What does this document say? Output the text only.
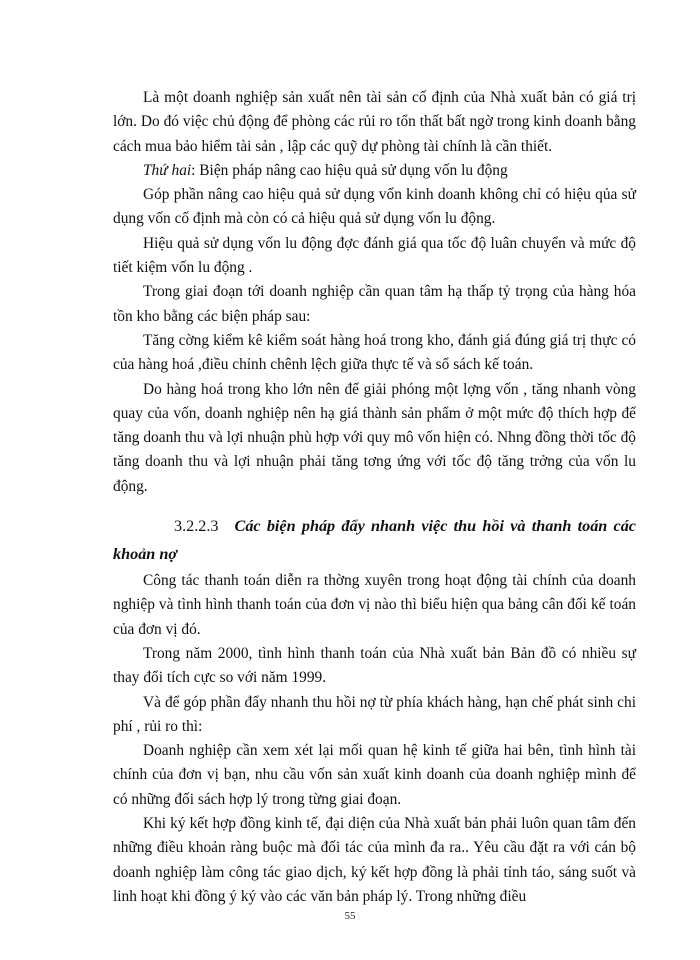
Là một doanh nghiệp sản xuất nên tài sản cố định của Nhà xuất bản có giá trị lớn. Do đó việc chủ động để phòng các rủi ro tổn thất bất ngờ trong kinh doanh bằng cách mua bảo hiểm tài sản , lập các quỹ dự phòng tài chính là cần thiết.

Thứ hai: Biện pháp nâng cao hiệu quả sử dụng vốn lu động

Góp phần nâng cao hiệu quả sử dụng vốn kinh doanh không chỉ có hiệu qủa sử dụng vốn cố định mà còn có cả hiệu quả sử dụng vốn lu động.

Hiệu quả sử dụng vốn lu động đợc đánh giá qua tốc độ luân chuyển và mức độ tiết kiệm vốn lu động .

Trong giai đoạn tới doanh nghiệp cần quan tâm hạ thấp tỷ trọng của hàng hóa tồn kho bằng các biện pháp sau:

Tăng cờng kiểm kê kiểm soát hàng hoá trong kho, đánh giá đúng giá trị thực có của hàng hoá ,điều chỉnh chênh lệch giữa thực tế và sổ sách kế toán.

Do hàng hoá trong kho lớn nên để giải phóng một lợng vốn , tăng nhanh vòng quay của vốn, doanh nghiệp nên hạ giá thành sản phẩm ở một mức độ thích hợp để tăng doanh thu và lợi nhuận phù hợp với quy mô vốn hiện có. Nhng đồng thời tốc độ tăng doanh thu và lợi nhuận phải tăng tơng ứng với tốc độ tăng trởng của vốn lu động.

3.2.2.3 Các biện pháp đẩy nhanh việc thu hồi và thanh toán các khoản nợ

Công tác thanh toán diễn ra thờng xuyên trong hoạt động tài chính của doanh nghiệp và tình hình thanh toán của đơn vị nào thì biểu hiện qua bảng cân đối kế toán của đơn vị đó.

Trong năm 2000, tình hình thanh toán của Nhà xuất bản Bản đồ có nhiều sự thay đổi tích cực so với năm 1999.

Và để góp phần đẩy nhanh thu hồi nợ từ phía khách hàng, hạn chế phát sinh chi phí , rủi ro thì:

Doanh nghiệp cần xem xét lại mối quan hệ kinh tế giữa hai bên, tình hình tài chính của đơn vị bạn, nhu cầu vốn sản xuất kinh doanh của doanh nghiệp mình để có những đối sách hợp lý trong từng giai đoạn.

Khi ký kết hợp đồng kinh tế, đại diện của Nhà xuất bản phải luôn quan tâm đến những điều khoản ràng buộc mà đối tác của mình đa ra.. Yêu cầu đặt ra với cán bộ doanh nghiệp làm công tác giao dịch, ký kết hợp đồng là phải tỉnh táo, sáng suốt và linh hoạt khi đồng ý ký vào các văn bản pháp lý. Trong những điều

55
